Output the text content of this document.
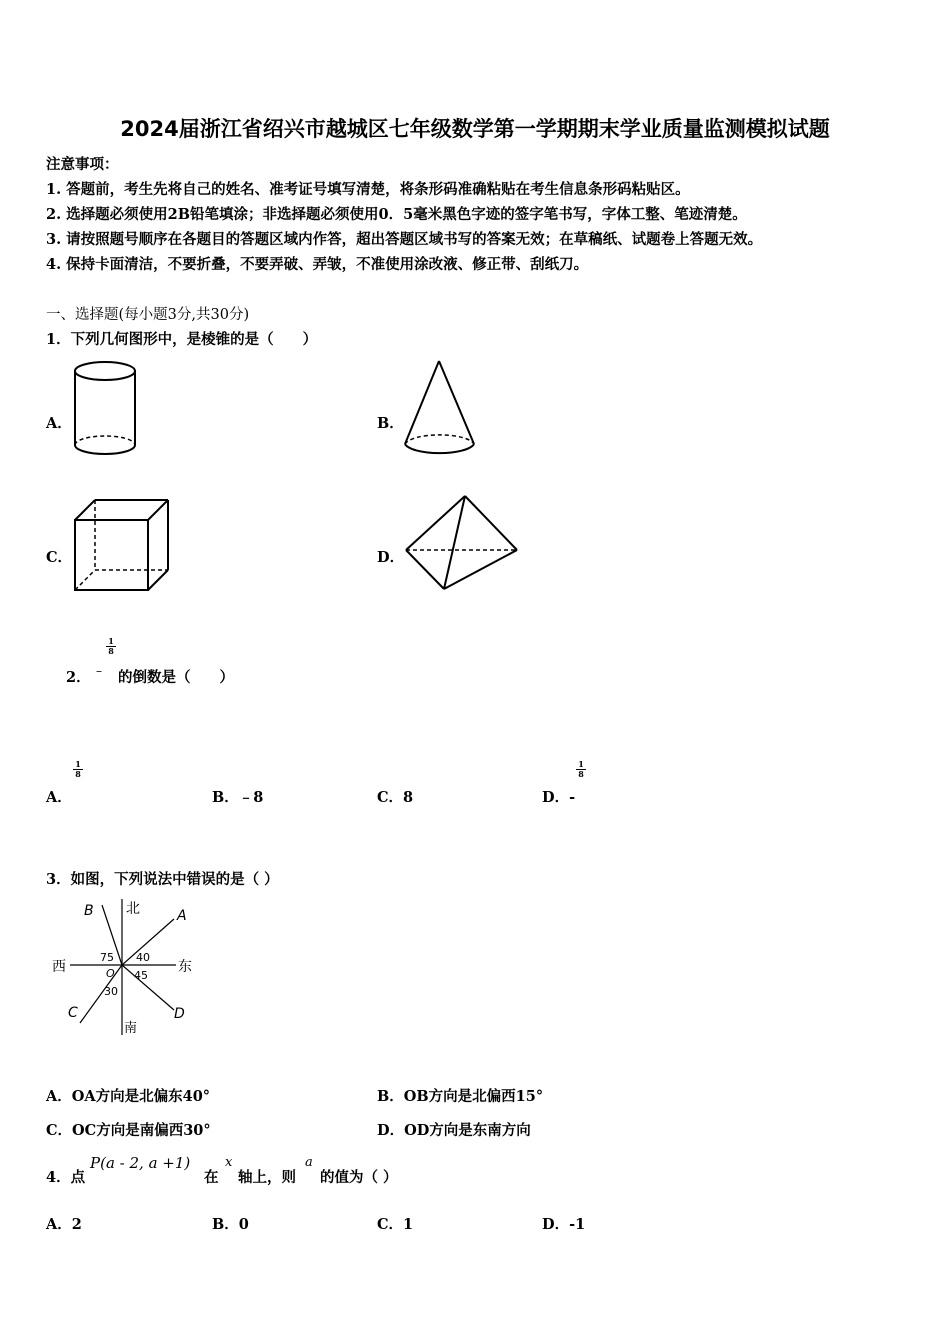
2024届浙江省绍兴市越城区七年级数学第一学期期末学业质量监测模拟试题
注意事项：
1. 答题前，考生先将自己的姓名、准考证号填写清楚，将条形码准确粘贴在考生信息条形码粘贴区。
2. 选择题必须使用2B铅笔填涂；非选择题必须使用0．5毫米黑色字迹的签字笔书写，字体工整、笔迹清楚。
3. 请按照题号顺序在各题目的答题区域内作答，超出答题区域书写的答案无效；在草稿纸、试题卷上答题无效。
4. 保持卡面清洁，不要折叠，不要弄破、弄皱，不准使用涂改液、修正带、刮纸刀。
一、选择题(每小题3分,共30分)
1．下列几何图形中，是棱锥的是（　　）
A．	B．
C．	D．
2． –
$\frac{1}{8}$
的倒数是（　　）
A．
$\frac{1}{8}$
B．﹣8	C．8	D．-
$\frac{1}{8}$
3．如图，下列说法中错误的是（ ）
北
南
西	东
A
B
C	D
O
75 40
45
30
A．OA方向是北偏东40°	B．OB方向是北偏西15°
C．OC方向是南偏西30°	D．OD方向是东南方向
4．点
P(a - 2, a +1)
在
x
轴上，则
a
的值为（ ）
A．2	B．0	C．1	D．-1
